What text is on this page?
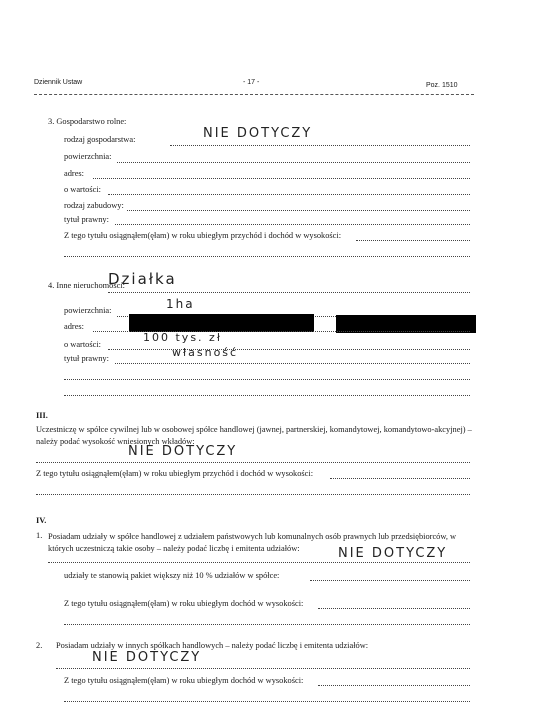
Dziennik Ustaw	- 17 -	Poz. 1510
3. Gospodarstwo rolne:
rodzaj gospodarstwa:	NIE DOTYCZY
powierzchnia:
adres:
o wartości:
rodzaj zabudowy:
tytuł prawny:
Z tego tytułu osiągnąłem(ęłam) w roku ubiegłym przychód i dochód w wysokości:
4. Inne nieruchomości:
Działka
powierzchnia:	1ha
adres:
o wartości:
100 tys. zł
tytuł prawny:	własność
III.
Uczestniczę w spółce cywilnej lub w osobowej spółce handlowej (jawnej, partnerskiej, komandytowej, komandytowo-akcyjnej) – należy podać wysokość wniesionych wkładów:
NIE DOTYCZY
Z tego tytułu osiągnąłem(ęłam) w roku ubiegłym przychód i dochód w wysokości:
IV.
1. Posiadam udziały w spółce handlowej z udziałem państwowych lub komunalnych osób prawnych lub przedsiębiorców, w których uczestniczą takie osoby – należy podać liczbę i emitenta udziałów:	NIE DOTYCZY
udziały te stanowią pakiet większy niż 10 % udziałów w spółce:
Z tego tytułu osiągnąłem(ęłam) w roku ubiegłym dochód w wysokości:
2. Posiadam udziały w innych spółkach handlowych – należy podać liczbę i emitenta udziałów:
NIE DOTYCZY
Z tego tytułu osiągnąłem(ęłam) w roku ubiegłym dochód w wysokości:
